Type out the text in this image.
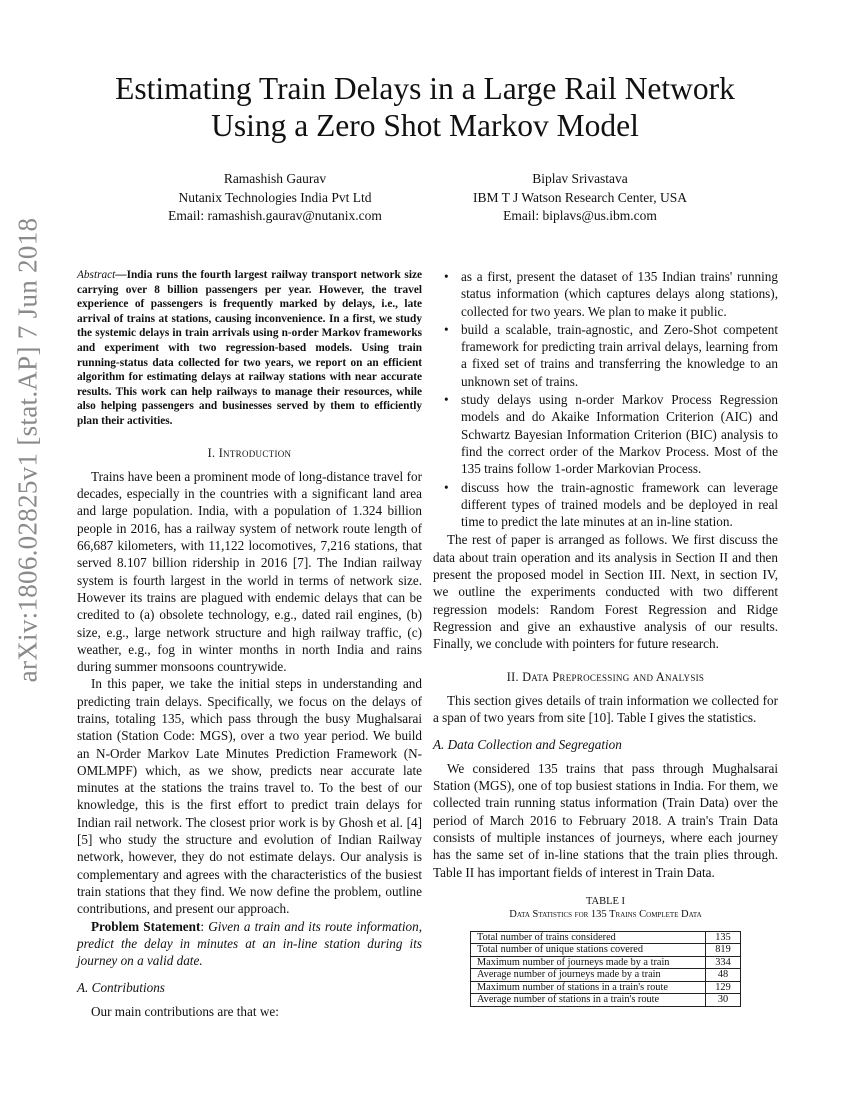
Estimating Train Delays in a Large Rail Network
Using a Zero Shot Markov Model
Ramashish Gaurav
Nutanix Technologies India Pvt Ltd
Email: ramashish.gaurav@nutanix.com
Biplav Srivastava
IBM T J Watson Research Center, USA
Email: biplavs@us.ibm.com
arXiv:1806.02825v1 [stat.AP] 7 Jun 2018	Abstract—India runs the fourth largest railway transport network size carrying over 8 billion passengers per year. However, the travel experience of passengers is frequently marked by delays, i.e., late arrival of trains at stations, causing inconvenience. In a first, we study the systemic delays in train arrivals using n-order Markov frameworks and experiment with two regression-based models. Using train running-status data collected for two years, we report on an efficient algorithm for estimating delays at railway stations with near accurate results. This work can help railways to manage their resources, while also helping passengers and businesses served by them to efficiently plan their activities.
I. Introduction

Trains have been a prominent mode of long-distance travel for decades, especially in the countries with a significant land area and large population. India, with a population of 1.324 billion people in 2016, has a railway system of network route length of 66,687 kilometers, with 11,122 locomotives, 7,216 stations, that served 8.107 billion ridership in 2016 [7]. The Indian railway system is fourth largest in the world in terms of network size. However its trains are plagued with endemic delays that can be credited to (a) obsolete technology, e.g., dated rail engines, (b) size, e.g., large network structure and high railway traffic, (c) weather, e.g., fog in winter months in north India and rains during summer monsoons countrywide.

In this paper, we take the initial steps in understanding and predicting train delays. Specifically, we focus on the delays of trains, totaling 135, which pass through the busy Mughalsarai station (Station Code: MGS), over a two year period. We build an N-Order Markov Late Minutes Prediction Framework (N-OMLMPF) which, as we show, predicts near accurate late minutes at the stations the trains travel to. To the best of our knowledge, this is the first effort to predict train delays for Indian rail network. The closest prior work is by Ghosh et al. [4] [5] who study the structure and evolution of Indian Railway network, however, they do not estimate delays. Our analysis is complementary and agrees with the characteristics of the busiest train stations that they find. We now define the problem, outline contributions, and present our approach.

Problem Statement: Given a train and its route information, predict the delay in minutes at an in-line station during its journey on a valid date.

A. Contributions

Our main contributions are that we:

• as a first, present the dataset of 135 Indian trains' running status information (which captures delays along stations), collected for two years. We plan to make it public.
• build a scalable, train-agnostic, and Zero-Shot competent framework for predicting train arrival delays, learning from a fixed set of trains and transferring the knowledge to an unknown set of trains.
• study delays using n-order Markov Process Regression models and do Akaike Information Criterion (AIC) and Schwartz Bayesian Information Criterion (BIC) analysis to find the correct order of the Markov Process. Most of the 135 trains follow 1-order Markovian Process.
• discuss how the train-agnostic framework can leverage different types of trained models and be deployed in real time to predict the late minutes at an in-line station.

The rest of paper is arranged as follows. We first discuss the data about train operation and its analysis in Section II and then present the proposed model in Section III. Next, in section IV, we outline the experiments conducted with two different regression models: Random Forest Regression and Ridge Regression and give an exhaustive analysis of our results. Finally, we conclude with pointers for future research.

II. Data Preprocessing and Analysis

This section gives details of train information we collected for a span of two years from site [10]. Table I gives the statistics.

A. Data Collection and Segregation

We considered 135 trains that pass through Mughalsarai Station (MGS), one of top busiest stations in India. For them, we collected train running status information (Train Data) over the period of March 2016 to February 2018. A train's Train Data consists of multiple instances of journeys, where each journey has the same set of in-line stations that the train plies through. Table II has important fields of interest in Train Data.

TABLE I
Data Statistics for 135 Trains Complete Data
Total number of trains considered	135
Total number of unique stations covered	819
Maximum number of journeys made by a train	334
Average number of journeys made by a train	48
Maximum number of stations in a train's route	129
Average number of stations in a train's route	30
